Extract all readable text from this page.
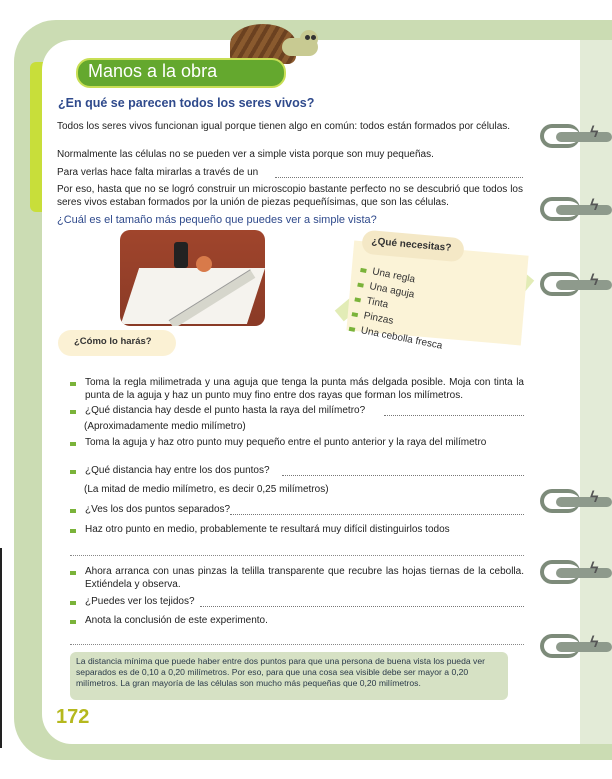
Manos a la obra
¿En qué se parecen todos los seres vivos?
Todos los seres vivos funcionan igual porque tienen algo en común: todos están formados por células.
Normalmente las células no se pueden ver a simple vista porque son muy pequeñas.
Para verlas hace falta mirarlas a través de un
Por eso, hasta que no se logró construir un microscopio bastante perfecto no se descubrió que todos los seres vivos estaban formados por la unión de piezas pequeñísimas, que son las células.
¿Cuál es el tamaño más pequeño que puedes ver a simple vista?
¿Qué necesitas?
Una regla
Una aguja
Tinta
Pinzas
Una cebolla fresca
¿Cómo lo harás?
Toma la regla milimetrada y una aguja que tenga la punta más delgada posible. Moja con tinta la punta de la aguja y haz un punto muy fino entre dos rayas que forman los milímetros.
¿Qué distancia hay desde el punto hasta la raya del milímetro?
(Aproximadamente medio milímetro)
Toma la aguja y haz otro punto muy pequeño entre el punto anterior y la raya del milímetro
¿Qué distancia hay entre los dos puntos?
(La mitad de medio milímetro, es decir 0,25 milímetros)
¿Ves los dos puntos separados?
Haz otro punto en medio, probablemente te resultará muy difícil distinguirlos todos
Ahora arranca con unas pinzas la telilla transparente que recubre las hojas tiernas de la cebolla. Extiéndela y observa.
¿Puedes ver los tejidos?
Anota la conclusión de este experimento.
La distancia mínima que puede haber entre dos puntos para que una persona de buena vista los pueda ver separados es de 0,10 a 0,20 milímetros. Por eso, para que una cosa sea visible debe ser mayor a 0,20 milímetros. La gran mayoría de las células son mucho más pequeñas que 0,20 milímetros.
172
ϟ
ϟ
ϟ
ϟ
ϟ
ϟ
